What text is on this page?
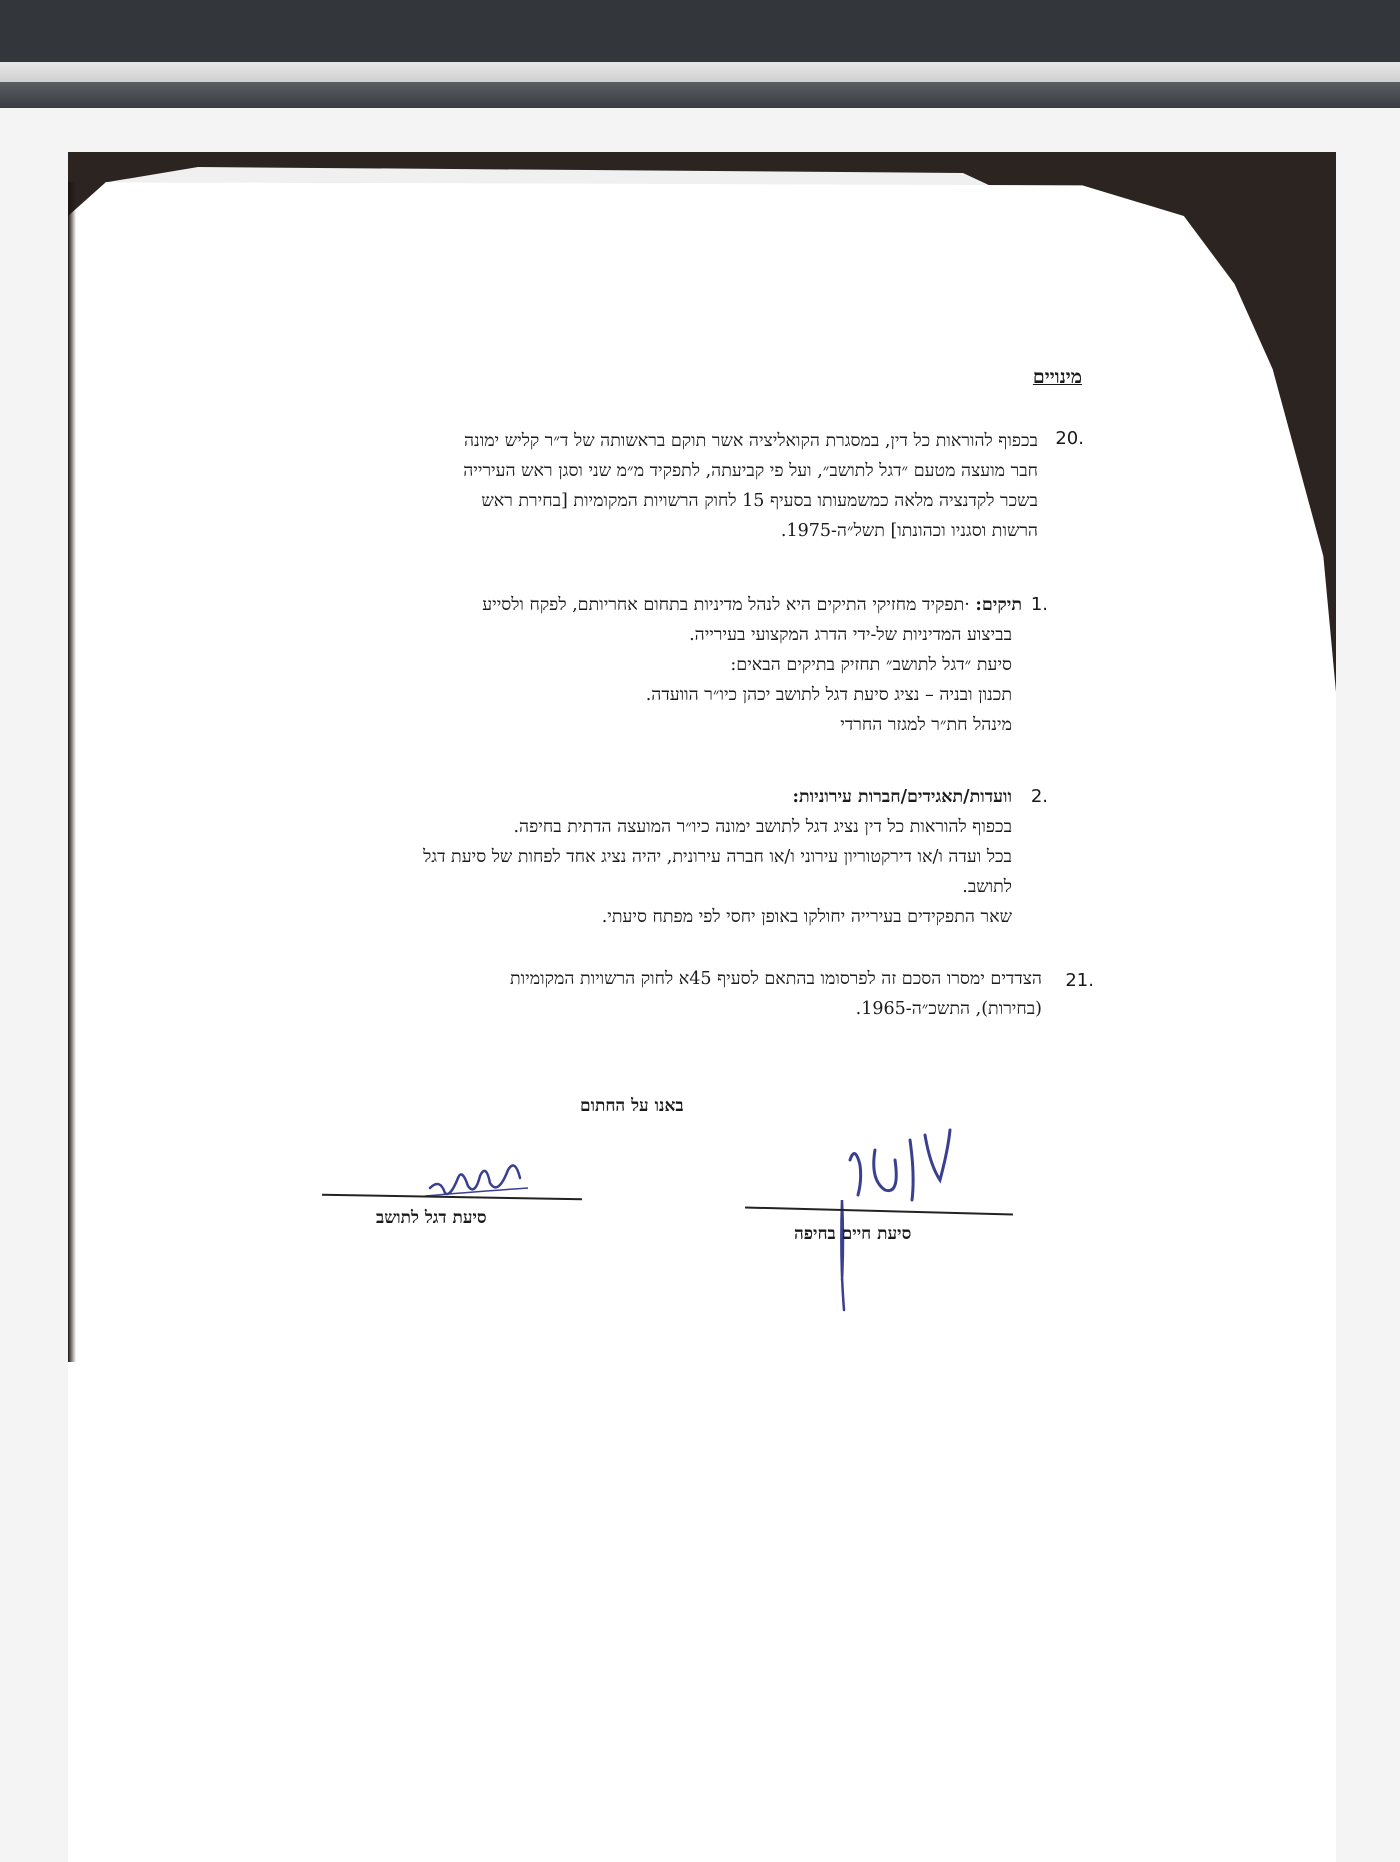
מינויים
.20
בכפוף להוראות כל דין, במסגרת הקואליציה אשר תוקם בראשותה של ד״ר קליש ימונה
חבר מועצה מטעם ״דגל לתושב״, ועל פי קביעתה, לתפקיד מ״מ שני וסגן ראש העירייה
בשכר לקדנציה מלאה כמשמעותו בסעיף 15 לחוק הרשויות המקומיות [בחירת ראש
הרשות וסגניו וכהונתו] תשל״ה-1975.
.1
תיקים: ·תפקיד מחזיקי התיקים היא לנהל מדיניות בתחום אחריותם, לפקח ולסייע
בביצוע המדיניות של-ידי הדרג המקצועי בעירייה.
סיעת ״דגל לתושב״ תחזיק בתיקים הבאים:
תכנון ובניה – נציג סיעת דגל לתושב יכהן כיו״ר הוועדה.
מינהל חת״ר למגזר החרדי
.2
וועדות/תאגידים/חברות עירוניות:
בכפוף להוראות כל דין נציג דגל לתושב ימונה כיו״ר המועצה הדתית בחיפה.
בכל ועדה ו/או דירקטוריון עירוני ו/או חברה עירונית, יהיה נציג אחד לפחות של סיעת דגל
לתושב.
שאר התפקידים בעירייה יחולקו באופן יחסי לפי מפתח סיעתי.
.21
הצדדים ימסרו הסכם זה לפרסומו בהתאם לסעיף 45א לחוק הרשויות המקומיות
(בחירות), התשכ״ה-1965.
באנו על החתום
סיעת חיים בחיפה
סיעת דגל לתושב
